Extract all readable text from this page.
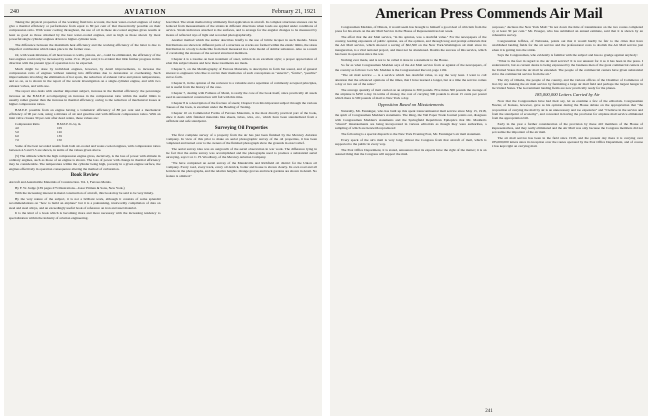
240	AVIATION	February 21, 1921

Taking the physical properties of the working fluid into account, the heat water-cooled engines of today give a thermal efficiency or performance from equal to 80 per cent of that theoretically possible on their compression ratio. With water cooling throughout, the use of oil in these air-cooled engines gives results at least as good as those obtained by the best water-cooled engines, and as high as those shown by most powerful single cylinder engines driven to higher-cylinder tests.

The difference between the maximum heat efficiency and the working efficiency of the latter is due to imperfect combustion which takes place in the former case.

Or, with weak mixtures, if all heat losses to walls, pistons, etc., could be eliminated, the efficiency of the best engines could only be increased by some 15 to 18 per cent; it is evident that little further progress in this direction with the present type of operation is to be expected.

Much might be done by individual engines, however, by detail improvements, to increase the compression ratio of engines without running into difficulties due to detonation or overheating. Such improvements involving the elimination of hot spots, the reduction of exhaust valve and piston temperatures, and so on, as is shown in the report of the recent investigation on a single-cylinder engine, and with two exhaust valves, and with one.

The report also deals with another important subject, increase in the thermal efficiency: the percentage increase on the B.M.E.P. accompanying an increase in the compression ratio within the useful limits is usually rather greater than the increase in thermal efficiency, owing to the reduction of mechanical losses at higher compression ratios.

B.M.E.P. possible from an engine having a volumetric efficiency of 88 per cent and a mechanical efficiency of 90 per cent, using a mixture of air and gasoline and with different compression ratios. With an inlet valve closure 30 per cent after dead centre, these values are:

Compression Ratio	B.M.E.P. lb./sq. in.
4.0	109
5.0	126
6.0	139
7.0	150

Some of the best recorded results from both air-cooled and water-cooled engines, with compression ratios between 4.5 and 5.5 are shown, in terms of the values given above.

(5) The altitude which the high compression engine gives, decisively, is the loss of power with altitude in ordinary engines, such as those of an engine is shown. The loss of power with change in thermal efficiency may be considerable. The temperature within the cylinder being high, porosity in a given engine surface, the engines effectively in operation consequence altering the method of carburation.

Book Review

Aircraft and Automobile Materials of Construction. Vol. I, Ferrous Metals.

By F. W. Judge (139 pages 275 illustrations—Isaac Pitman & Sons, New York.)

With the increasing interest in metal construction of aircraft, this book may be said to be very timely.

By the very nature of the subject, it is not a brilliant work, although it consists of some splendid recommendations on "how to build an airplane" but it is a painstaking, trustworthy compilation of data on steel and steel alloys, and an exceedingly useful book of reference on iron and steel material.

It is the kind of a book which is becoming more and more necessary with the increasing tendency to specialization within the industry of aviation engineering.

described. The strain method may ultimately find application in aircraft. In complex structures stresses can be deduced from measurements of the strains in different directions when loads are applied under conditions of service. Strain indicators attached to the surfaces, and to arrange for the angular changes to be measured by means of reflected rays of light and recorded photographically.

Another method which the author describes briefly is the use of brittle lacquer in such models. Stress distributions are shown in different parts of a structure as cracks are formed within the elastic limits, the stress distribution in a body is deducible from their measured in a wide model of similar substance. Also as a result of correlating the stresses of the several structural members.

Chapter 4 is a treatise on heat treatment of steel, written in an excellent style; a proper appreciation of what this subject means and how these treatments are made.

Chapter 5, on the Metallography of Ferrous Materials, is descriptive in form but sound, and of general interest to engineers who like to revive their memories of such conceptions as "eutectic", "ferrite", "pearlite" and so forth.

Chapter 6, in the opinion of the reviewer is a valuable and a repetition of commonly accepted principles, but is useful from the history of the case.

Chapter 7, dealing with Failures of Metal, is really the core of the book itself, since practically all steels used in aeronautical construction will fail with this time.

Chapter 8 is a description of the fracture of steels; Chapter 9 on this important subject through the various clauses of the book, is excellent under the Heading of Testing.

Chapter 10 on Commercial Forms of Ferrous Materials, is the most directly practical part of the book, since it deals with finished materials like sheets, tubes, wire, etc., which have been standardized from a sufficient and safe standpoint.

Surveying Oil Properties

The first complete survey of a property from the air has just been finished by the Mercury Aviation Company. In view of this pilot to make an aerial photographic survey of the oil properties, it has been completed and turned over to the owners of the finished photograph show the grounds in exact relief.

The aerial survey idea was an outgrowth of the aerial observation in war work. The difference lying in the fact that the entire survey was accomplished and the photographs used to produce a substantial aerial surveying, says Col. C. H. Woodbury, of the Mercury Aviation Company.

"We have completed an aerial survey of the Mandeville and Richfield oil district for the Union oil Company. Every road, every track, every oil derrick, boiler and house is shown clearly. Its own road and all derricks in the photographs, and the relative heights. Orange groves and truck gardens are shown in detail. No feature is omitted."

American Press Commends Air Mail

Congressman Madden, of Illinois, it would seem has brought to himself a good deal of criticism from the press for his attack on the Air Mail Service in the House of Representatives last week.

The effort that the Air Mail service, "in his opinion, was a doubtful value." For the newspapers of the country, leading exponents of public opinion, are of the opinion, and through long and prompt editorials that the Air Mail service, which showed a saving of $62,500 on the New York-Washington air mail since its inauguration, is a vital national project, and must not be abandoned. Doubts the success of this service, which has been in operation since the war.

Nothing ever made, and is not to be called it done in a statement to the House.

So far as what Congressman Madden says of the Air Mail service from or against of the newspapers, of the country as follows: Gov Mr. Madden is the Congressional Record, page 1192.

"The air mail service — is a service which has doubtful value, to say the very least. I want to call attention that the advanced opinions of the times, that I have learned a longer, but at a time the service comes a day or two out of the sales."

The average quantity of mail carried on an airplane is 300 pounds. Five times 300 pounds the average of the airplane is $250 a day. In terms of money, the cost of carrying 300 pounds is about 15 cents per pound which there is 500 pounds of mail to New York a day.

Opposition Based on Misstatements

Naturally, Mr. Fenninger, who has built up this spent transcontinental mail service since May 15, 1918, the spirit of Congressman Madden's statements. The thing, the Vail Paper Trade Journal points out, disagrees with Congressman Madden's statements and the Springfield Republican Epileptics that Mr. Madden's "absurd" misstatements are being incorporated in various editorials as though they were authorities, a sampling of which are herewith reproduced:

The following is a special dispatch to the New York Evening Post, Mr. Fenninger's air mail statement.

Every speck of the air's mail is very long; almost the Congress from that aircraft of mail, which is supported to the public in every way.

The Post Office Department, it is stated, announces that its experts have the right of the matter; it is an assured thing that the Congress will support the mail.

purposes," declares the New York Mail: "In not down the time of transmission on the two routes completed by at least 30 per cent." Mr. Praeger, who has submitted an annual estimate, said that it is shown by an exhaustive survey.

Congressman Jeffries, of Nebraska, points out that it would hardly be fair to the cities that have established landing fields for the air service and the professional costs to abolish the Air Mail service just when it is getting into the stride.

Says the Congressman, who evidently is familiar with the subject and has no grudge against anybody:

"What is the feet in regard to the air mail service? It is not unusual for it as it has been in the press. I understand it, but as current desire is being expressed by the business men of the great commercial centers of the United States that the air mail be extended. The people of the commercial centers have given substantial aid to the commercial service from the air."

The city of Omaha, the people of the country, and the various offices of the Chamber of Commerce of that city are making the air mail service by furnishing a large air mail field and perhaps the largest hangar in the United States. The Government landing fields are now practically ready for the planes.

185,000,000 Letters Carried by Air

Now that the Congressmen have had their say, let us examine a few of the editorials. Congressman Finzler, of Kansas, however, gave as his opinion during the House debate on the appropriation that "the proposition of carrying the mail by air is an unnecessary and too expensive" and "I believe in the service and from the standpoint of economy", and conceded in having the provision for airplane mail service eliminated from the appropriation bill.

Early in the year a further consideration of the provision by these 410 members of the House of Representatives, and they really eliminated and the Air Mail was only because the Congress members did not yet realize the important of the air mail.

The air mail service has been in the field since 1918, and the present day there it is carrying over 185,000,000 letters since its inception over the routes operated by the Post Office Department, and of course it has kept right on carrying mail.

241
